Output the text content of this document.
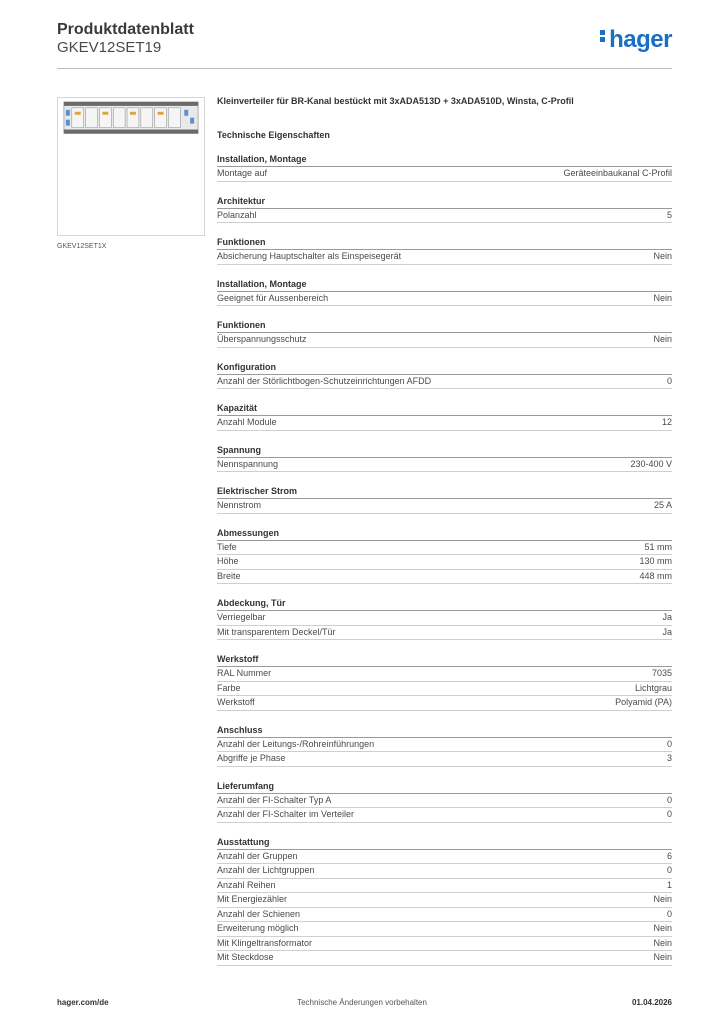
Produktdatenblatt
GKEV12SET19	hager
GKEV12SET1X
Kleinverteiler für BR-Kanal bestückt mit 3xADA513D + 3xADA510D, Winsta, C-Profil
Technische Eigenschaften
Installation, Montage
Montage auf	Geräteeinbaukanal C-Profil
Architektur
Polanzahl	5
Funktionen
Absicherung Hauptschalter als Einspeisegerät	Nein
Installation, Montage
Geeignet für Aussenbereich	Nein
Funktionen
Überspannungsschutz	Nein
Konfiguration
Anzahl der Störlichtbogen-Schutzeinrichtungen AFDD	0
Kapazität
Anzahl Module	12
Spannung
Nennspannung	230-400 V
Elektrischer Strom
Nennstrom	25 A
Abmessungen
Tiefe	51 mm
Höhe	130 mm
Breite	448 mm
Abdeckung, Tür
Verriegelbar	Ja
Mit transparentem Deckel/Tür	Ja
Werkstoff
RAL Nummer	7035
Farbe	Lichtgrau
Werkstoff	Polyamid (PA)
Anschluss
Anzahl der Leitungs-/Rohreinführungen	0
Abgriffe je Phase	3
Lieferumfang
Anzahl der FI-Schalter Typ A	0
Anzahl der FI-Schalter im Verteiler	0
Ausstattung
Anzahl der Gruppen	6
Anzahl der Lichtgruppen	0
Anzahl Reihen	1
Mit Energiezähler	Nein
Anzahl der Schienen	0
Erweiterung möglich	Nein
Mit Klingeltransformator	Nein
Mit Steckdose	Nein
hager.com/de	Technische Änderungen vorbehalten	01.04.2026
